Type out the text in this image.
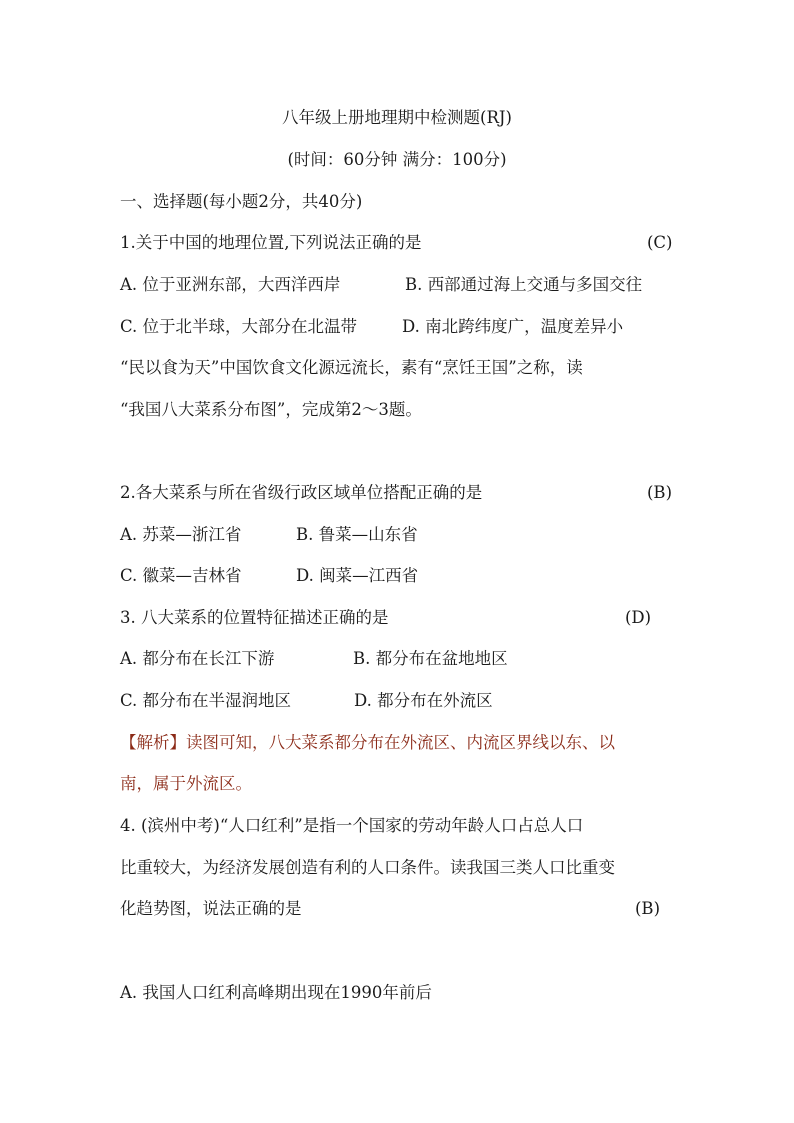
八年级上册地理期中检测题(RJ)
(时间：60分钟 满分：100分)
一、选择题(每小题2分，共40分)
1.关于中国的地理位置,下列说法正确的是	(C)
A. 位于亚洲东部，大西洋西岸	B. 西部通过海上交通与多国交往
C. 位于北半球，大部分在北温带	D. 南北跨纬度广，温度差异小
“民以食为天”中国饮食文化源远流长，素有“烹饪王国”之称，读
“我国八大菜系分布图”，完成第2～3题。
2.各大菜系与所在省级行政区域单位搭配正确的是	(B)
A. 苏菜—浙江省	B. 鲁菜—山东省
C. 徽菜—吉林省	D. 闽菜—江西省
3. 八大菜系的位置特征描述正确的是	(D)
A. 都分布在长江下游	B. 都分布在盆地地区
C. 都分布在半湿润地区	D. 都分布在外流区
【解析】读图可知，八大菜系都分布在外流区、内流区界线以东、以
南，属于外流区。
4. (滨州中考)“人口红利”是指一个国家的劳动年龄人口占总人口
比重较大，为经济发展创造有利的人口条件。读我国三类人口比重变
化趋势图，说法正确的是	(B)
A. 我国人口红利高峰期出现在1990年前后
